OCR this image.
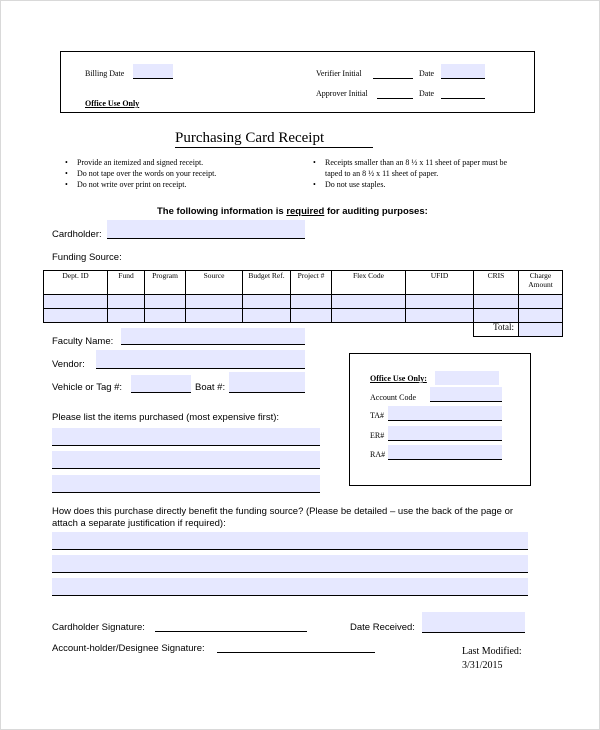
Billing Date
Office Use Only
Verifier Initial	Date
Approver Initial	Date
Purchasing Card Receipt
• Provide an itemized and signed receipt.
• Do not tape over the words on your receipt.
• Do not write over print on receipt.
•	Receipts smaller than an 8 ½ x 11 sheet of paper must be taped to an 8 ½ x 11 sheet of paper.
• Do not use staples.
The following information is required for auditing purposes:
Cardholder:
Funding Source:
Dept. ID	Fund	Program	Source	Budget Ref.	Project #	Flex Code	UFID	CRIS	Charge Amount

								Total:	
Faculty Name:
Vendor:
Vehicle or Tag #:	Boat #:
Please list the items purchased (most expensive first):
Office Use Only:
Account Code
TA#
ER#
RA#
How does this purchase directly benefit the funding source? (Please be detailed – use the back of the page or
attach a separate justification if required):
Cardholder Signature:	Date Received:
Account-holder/Designee Signature:	Last Modified:
3/31/2015
